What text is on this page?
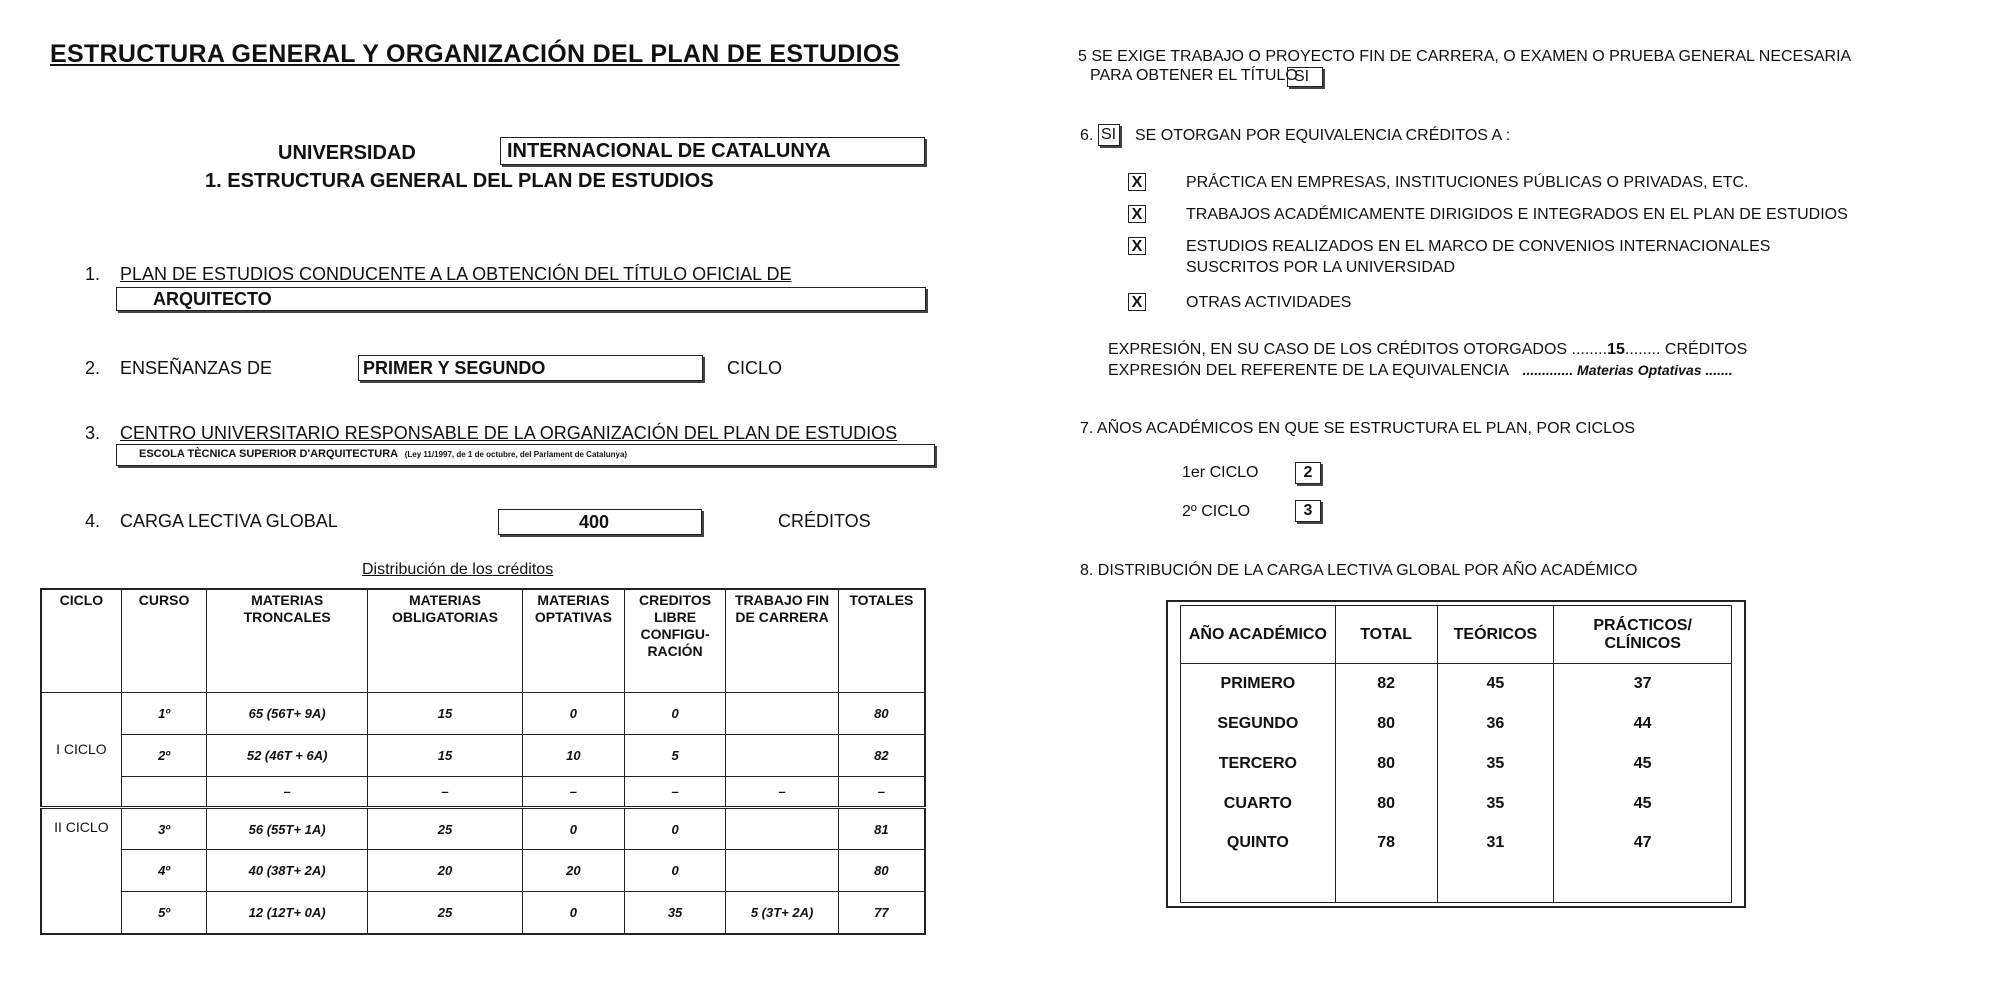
ESTRUCTURA GENERAL Y ORGANIZACIÓN DEL PLAN DE ESTUDIOS
UNIVERSIDAD	INTERNACIONAL DE CATALUNYA
1. ESTRUCTURA GENERAL DEL PLAN DE ESTUDIOS
1. PLAN DE ESTUDIOS CONDUCENTE A LA OBTENCIÓN DEL TÍTULO OFICIAL DE
ARQUITECTO
2. ENSEÑANZAS DE	PRIMER Y SEGUNDO	CICLO
3. CENTRO UNIVERSITARIO RESPONSABLE DE LA ORGANIZACIÓN DEL PLAN DE ESTUDIOS
ESCOLA TÈCNICA SUPERIOR D'ARQUITECTURA (Ley 11/1997, de 1 de octubre, del Parlament de Catalunya)
4. CARGA LECTIVA GLOBAL	400	CRÉDITOS
Distribución de los créditos
CICLO	CURSO	MATERIAS TRONCALES	MATERIAS OBLIGATORIAS	MATERIAS OPTATIVAS	CREDITOS LIBRE CONFIGU- RACIÓN	TRABAJO FIN DE CARRERA	TOTALES
I CICLO	1º	65 (56T+ 9A)	15	0	0		80
	2º	52 (46T + 6A)	15	10	5		82
		–	–	–	–	–	–
II CICLO	3º	56 (55T+ 1A)	25	0	0		81
	4º	40 (38T+ 2A)	20	20	0		80
	5º	12 (12T+ 0A)	25	0	35	5 (3T+ 2A)	77
5 SE EXIGE TRABAJO O PROYECTO FIN DE CARRERA, O EXAMEN O PRUEBA GENERAL NECESARIA
PARA OBTENER EL TÍTULO
SI
6. SI SE OTORGAN POR EQUIVALENCIA CRÉDITOS A :
X	PRÁCTICA EN EMPRESAS, INSTITUCIONES PÚBLICAS O PRIVADAS, ETC.
X	TRABAJOS ACADÉMICAMENTE DIRIGIDOS E INTEGRADOS EN EL PLAN DE ESTUDIOS
X	ESTUDIOS REALIZADOS EN EL MARCO DE CONVENIOS INTERNACIONALES
SUSCRITOS POR LA UNIVERSIDAD
X	OTRAS ACTIVIDADES
EXPRESIÓN, EN SU CASO DE LOS CRÉDITOS OTORGADOS ........15........ CRÉDITOS
EXPRESIÓN DEL REFERENTE DE LA EQUIVALENCIA ............. Materias Optativas .......
7. AÑOS ACADÉMICOS EN QUE SE ESTRUCTURA EL PLAN, POR CICLOS
1er CICLO	2
2º CICLO	3
8. DISTRIBUCIÓN DE LA CARGA LECTIVA GLOBAL POR AÑO ACADÉMICO
AÑO ACADÉMICO	TOTAL	TEÓRICOS	PRÁCTICOS/ CLÍNICOS
PRIMERO	82	45	37
SEGUNDO	80	36	44
TERCERO	80	35	45
CUARTO	80	35	45
QUINTO	78	31	47
